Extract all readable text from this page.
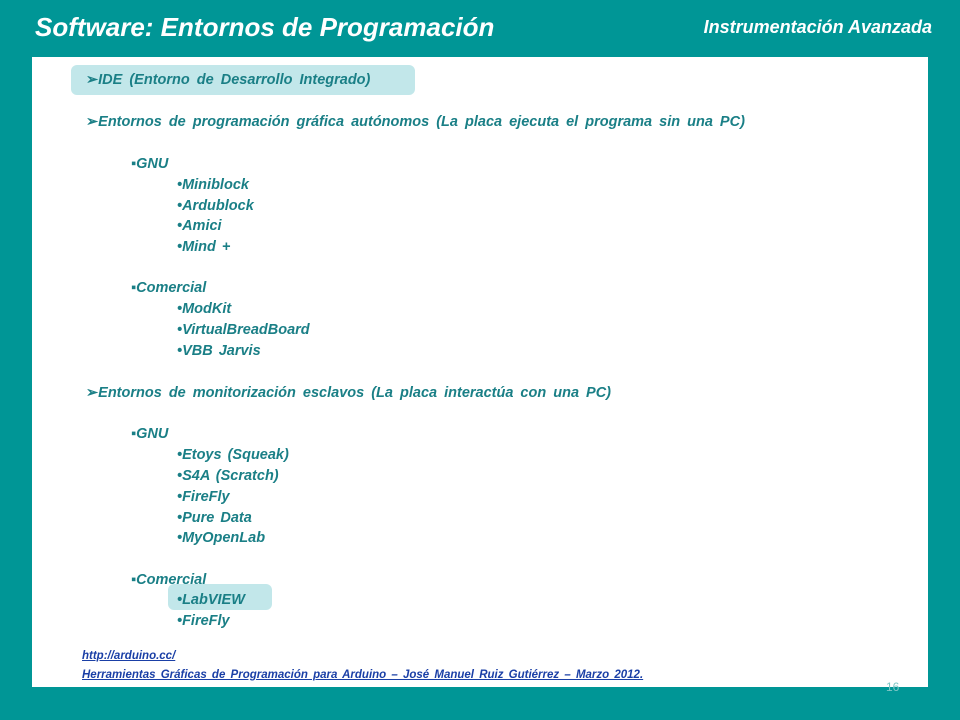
Software: Entornos de Programación	Instrumentación Avanzada
➢IDE (Entorno de Desarrollo Integrado)
➢Entornos de programación gráfica autónomos (La placa ejecuta el programa sin una PC)
▪GNU
•Miniblock
•Ardublock
•Amici
•Mind +
▪Comercial
•ModKit
•VirtualBreadBoard
•VBB Jarvis
➢Entornos de monitorización esclavos (La placa interactúa con una PC)
▪GNU
•Etoys (Squeak)
•S4A (Scratch)
•FireFly
•Pure Data
•MyOpenLab
▪Comercial
•LabVIEW
•FireFly
http://arduino.cc/
Herramientas Gráficas de Programación para Arduino – José Manuel Ruiz Gutiérrez – Marzo 2012.
16
